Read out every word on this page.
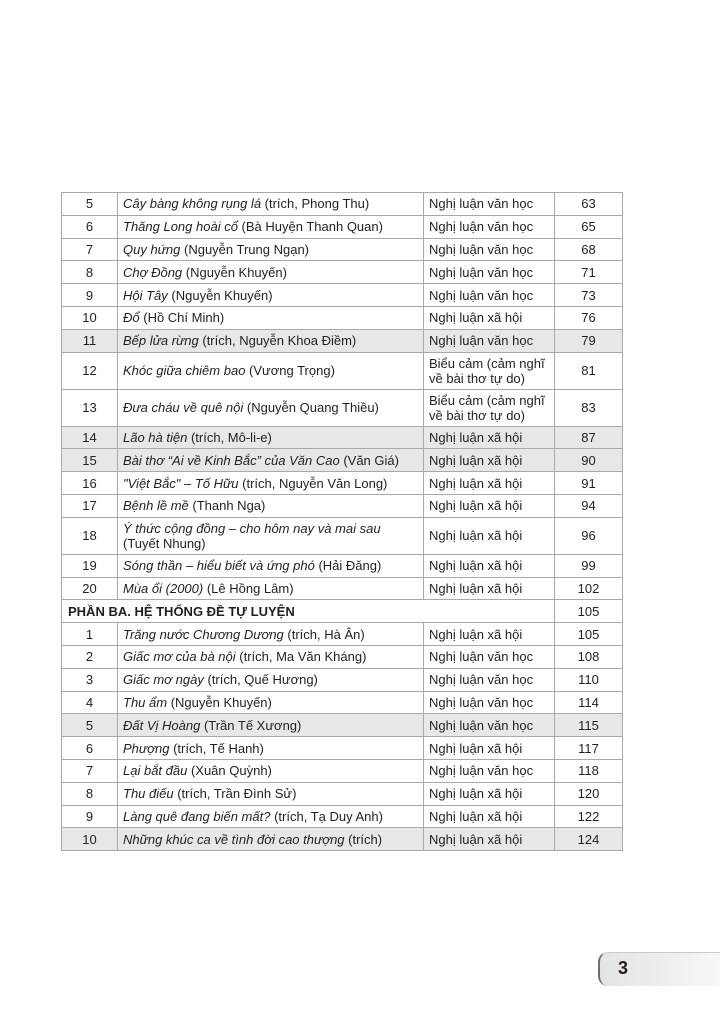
5	Cây bàng không rụng lá (trích, Phong Thu)	Nghị luận văn học	63
6	Thăng Long hoài cổ (Bà Huyện Thanh Quan)	Nghị luận văn học	65
7	Quy hứng (Nguyễn Trung Ngạn)	Nghị luận văn học	68
8	Chợ Đồng (Nguyễn Khuyến)	Nghị luận văn học	71
9	Hội Tây (Nguyễn Khuyến)	Nghị luận văn học	73
10	Đổ (Hồ Chí Minh)	Nghị luận xã hội	76
11	Bếp lửa rừng (trích, Nguyễn Khoa Điềm)	Nghị luận văn học	79
12	Khóc giữa chiêm bao (Vương Trọng)	Biểu cảm (cảm nghĩ về bài thơ tự do)	81
13	Đưa cháu về quê nội (Nguyễn Quang Thiều)	Biểu cảm (cảm nghĩ về bài thơ tự do)	83
14	Lão hà tiện (trích, Mô-li-e)	Nghị luận xã hội	87
15	Bài thơ “Ai về Kinh Bắc” của Văn Cao (Văn Giá)	Nghị luận xã hội	90
16	"Việt Bắc" – Tố Hữu (trích, Nguyễn Văn Long)	Nghị luận xã hội	91
17	Bệnh lề mề (Thanh Nga)	Nghị luận xã hội	94
18	Ý thức cộng đồng – cho hôm nay và mai sau (Tuyết Nhung)	Nghị luận xã hội	96
19	Sóng thần – hiểu biết và ứng phó (Hải Đăng)	Nghị luận xã hội	99
20	Mùa ổi (2000) (Lê Hồng Lâm)	Nghị luận xã hội	102
PHẦN BA. HỆ THỐNG ĐỀ TỰ LUYỆN			105
1	Trăng nước Chương Dương (trích, Hà Ân)	Nghị luận xã hội	105
2	Giấc mơ của bà nội (trích, Ma Văn Kháng)	Nghị luận văn học	108
3	Giấc mơ ngày (trích, Quế Hương)	Nghị luận văn học	110
4	Thu ẩm (Nguyễn Khuyến)	Nghị luận văn học	114
5	Đất Vị Hoàng (Trần Tế Xương)	Nghị luận văn học	115
6	Phượng (trích, Tế Hanh)	Nghị luận xã hội	117
7	Lại bắt đầu (Xuân Quỳnh)	Nghị luận văn học	118
8	Thu điếu (trích, Trần Đình Sử)	Nghị luận xã hội	120
9	Làng quê đang biến mất? (trích, Tạ Duy Anh)	Nghị luận xã hội	122
10	Những khúc ca về tình đời cao thượng (trích)	Nghị luận xã hội	124
3
